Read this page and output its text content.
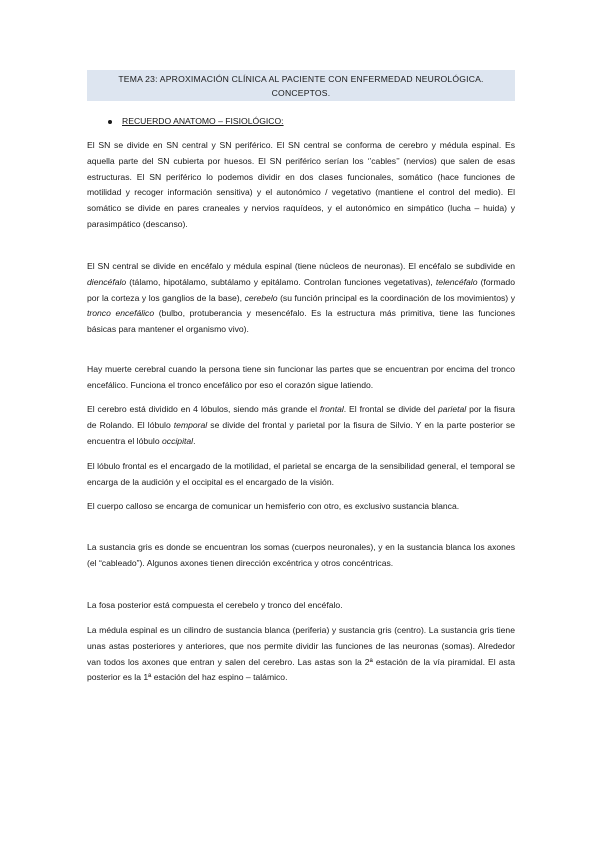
TEMA 23: APROXIMACIÓN CLÍNICA AL PACIENTE CON ENFERMEDAD NEUROLÓGICA.
CONCEPTOS.
RECUERDO ANATOMO – FISIOLÓGICO:

El SN se divide en SN central y SN periférico. El SN central se conforma de cerebro y médula espinal. Es aquella parte del SN cubierta por huesos. El SN periférico serían los ‘’cables’’ (nervios) que salen de esas estructuras. El SN periférico lo podemos dividir en dos clases funcionales, somático (hace funciones de motilidad y recoger información sensitiva) y el autonómico / vegetativo (mantiene el control del medio). El somático se divide en pares craneales y nervios raquídeos, y el autonómico en simpático (lucha – huida) y parasimpático (descanso).

El SN central se divide en encéfalo y médula espinal (tiene núcleos de neuronas). El encéfalo se subdivide en diencéfalo (tálamo, hipotálamo, subtálamo y epitálamo. Controlan funciones vegetativas), telencéfalo (formado por la corteza y los ganglios de la base), cerebelo (su función principal es la coordinación de los movimientos) y tronco encefálico (bulbo, protuberancia y mesencéfalo. Es la estructura más primitiva, tiene las funciones básicas para mantener el organismo vivo).

Hay muerte cerebral cuando la persona tiene sin funcionar las partes que se encuentran por encima del tronco encefálico. Funciona el tronco encefálico por eso el corazón sigue latiendo.

El cerebro está dividido en 4 lóbulos, siendo más grande el frontal. El frontal se divide del parietal por la fisura de Rolando. El lóbulo temporal se divide del frontal y parietal por la fisura de Silvio. Y en la parte posterior se encuentra el lóbulo occipital.

El lóbulo frontal es el encargado de la motilidad, el parietal se encarga de la sensibilidad general, el temporal se encarga de la audición y el occipital es el encargado de la visión.

El cuerpo calloso se encarga de comunicar un hemisferio con otro, es exclusivo sustancia blanca.

La sustancia gris es donde se encuentran los somas (cuerpos neuronales), y en la sustancia blanca los axones (el “cableado”). Algunos axones tienen dirección excéntrica y otros concéntricas.

La fosa posterior está compuesta el cerebelo y tronco del encéfalo.

La médula espinal es un cilindro de sustancia blanca (periferia) y sustancia gris (centro). La sustancia gris tiene unas astas posteriores y anteriores, que nos permite dividir las funciones de las neuronas (somas). Alrededor van todos los axones que entran y salen del cerebro. Las astas son la 2ª estación de la vía piramidal. El asta posterior es la 1ª estación del haz espino – talámico.
